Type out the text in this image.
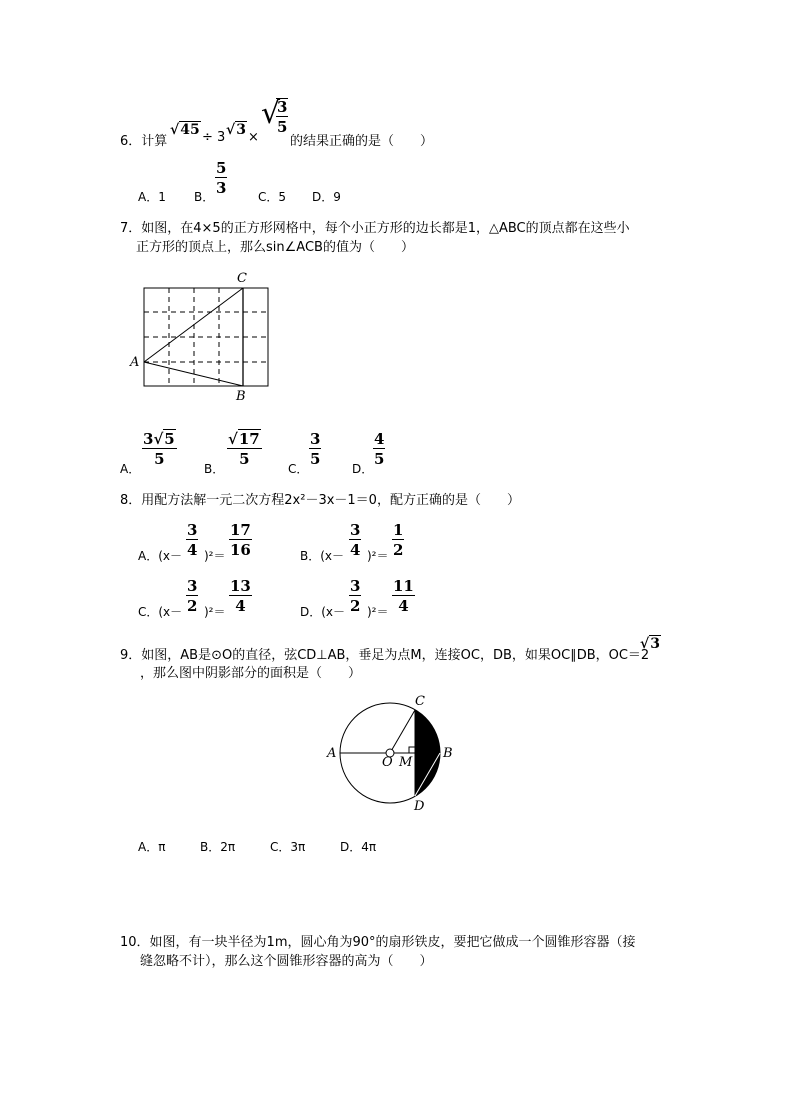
6．计算
√45 ÷ 3 √3 ×
√
$\frac{3}{5}$
的结果正确的是（　　）
A．1 B． $\frac{5}{3}$	C．5 D．9
7．如图，在4×5的正方形网格中，每个小正方形的边长都是1，△ABC的顶点都在这些小
正方形的顶点上，那么sin∠ACB的值为（　　）
A
C
B
A．
$\frac{3√5}{5}$
B．
$\frac{√17}{5}$
C．
$\frac{3}{5}$
D．
$\frac{4}{5}$
8．用配方法解一元二次方程2x²－3x－1＝0，配方正确的是（　　）
A．$(x- \frac{3}{4} )^2= \frac{17}{16}$	B．$(x- \frac{3}{4} )^2= \frac{1}{2}$
C．$(x- \frac{3}{2} )^2= \frac{13}{4}$	D．$(x- \frac{3}{2} )^2= \frac{11}{4}$
9．如图，AB是⊙O的直径，弦CD⊥AB，垂足为点M，连接OC，DB，如果OC∥DB，OC＝2
√3
，那么图中阴影部分的面积是（　　）
A	B
C
D
O M
A．π	B．2π	C．3π	D．4π
10．如图，有一块半径为1m，圆心角为90°的扇形铁皮，要把它做成一个圆锥形容器（接
缝忽略不计），那么这个圆锥形容器的高为（　　）
